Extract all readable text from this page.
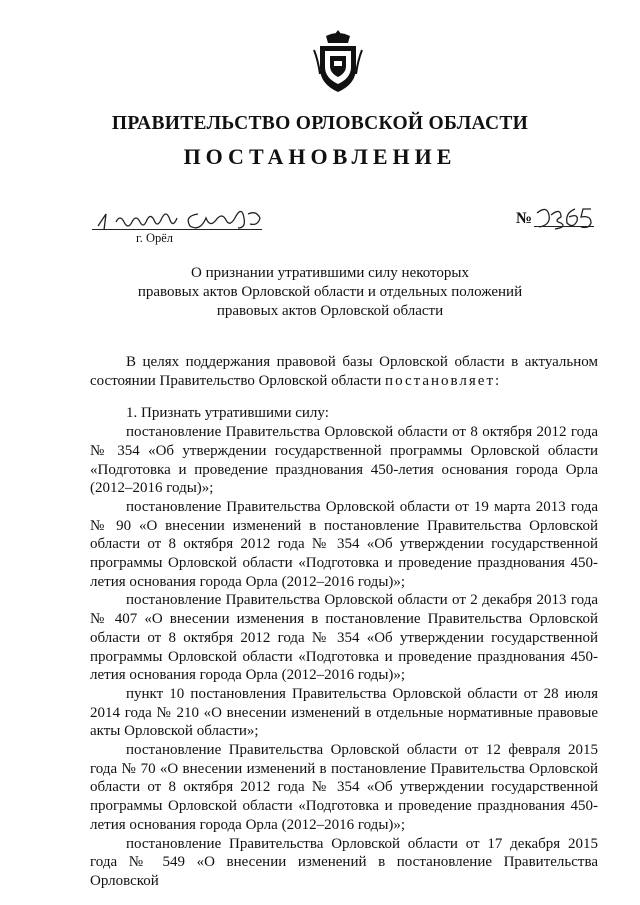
ПРАВИТЕЛЬСТВО ОРЛОВСКОЙ ОБЛАСТИ
ПОСТАНОВЛЕНИЕ
г. Орёл
№
О признании утратившими силу некоторых
правовых актов Орловской области и отдельных положений
правовых актов Орловской области

В целях поддержания правовой базы Орловской области в актуальном состоянии Правительство Орловской области постановляет:

1. Признать утратившими силу:

постановление Правительства Орловской области от 8 октября 2012 года № 354 «Об утверждении государственной программы Орловской области «Подготовка и проведение празднования 450-летия основания города Орла (2012–2016 годы)»;

постановление Правительства Орловской области от 19 марта 2013 года № 90 «О внесении изменений в постановление Правительства Орловской области от 8 октября 2012 года № 354 «Об утверждении государственной программы Орловской области «Подготовка и проведение празднования 450-летия основания города Орла (2012–2016 годы)»;

постановление Правительства Орловской области от 2 декабря 2013 года № 407 «О внесении изменения в постановление Правительства Орловской области от 8 октября 2012 года № 354 «Об утверждении государственной программы Орловской области «Подготовка и проведение празднования 450-летия основания города Орла (2012–2016 годы)»;

пункт 10 постановления Правительства Орловской области от 28 июля 2014 года № 210 «О внесении изменений в отдельные нормативные правовые акты Орловской области»;

постановление Правительства Орловской области от 12 февраля 2015 года № 70 «О внесении изменений в постановление Правительства Орловской области от 8 октября 2012 года № 354 «Об утверждении государственной программы Орловской области «Подготовка и проведение празднования 450-летия основания города Орла (2012–2016 годы)»;

постановление Правительства Орловской области от 17 декабря 2015 года № 549 «О внесении изменений в постановление Правительства Орловской
